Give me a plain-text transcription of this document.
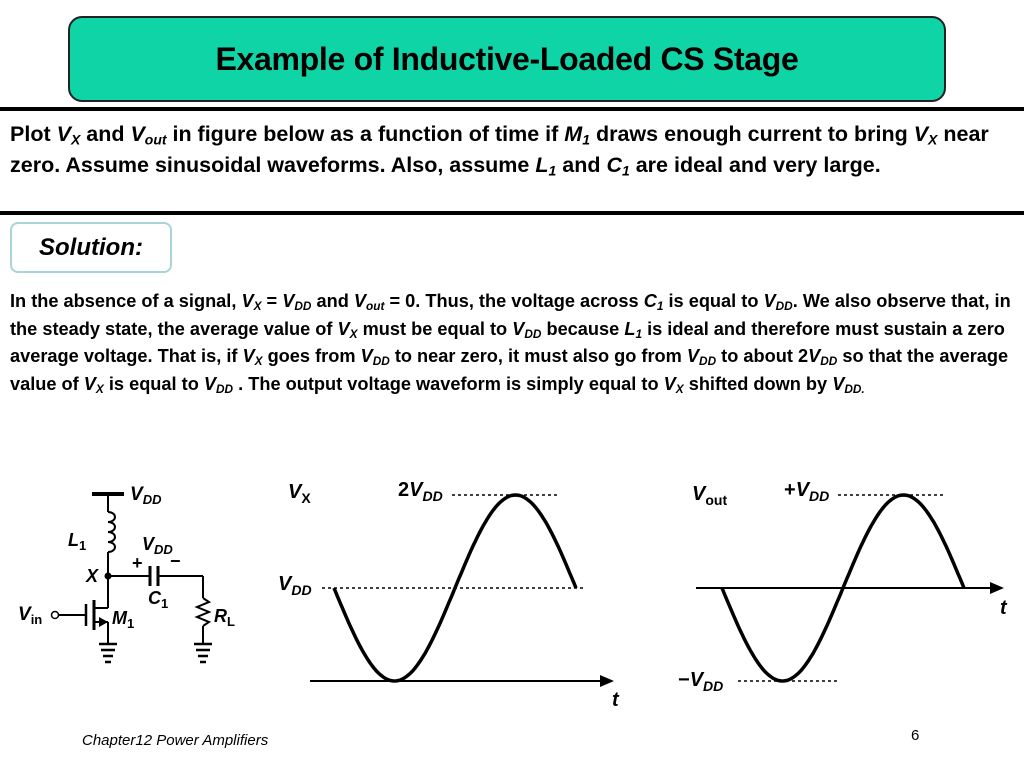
Example of Inductive-Loaded CS Stage
Plot $V_X$ and $V_{out}$ in figure below as a function of time if $M_1$ draws enough current to bring $V_X$ near zero. Assume sinusoidal waveforms. Also, assume $L_1$ and $C_1$ are ideal and very large.
Solution:
In the absence of a signal, $V_X = V_{DD}$ and $V_{out} = 0$. Thus, the voltage across $C_1$ is equal to $V_{DD}$. We also observe that, in the steady state, the average value of $V_X$ must be equal to $V_{DD}$ because $L_1$ is ideal and therefore must sustain a zero average voltage. That is, if $V_X$ goes from $V_{DD}$ to near zero, it must also go from $V_{DD}$ to about $2V_{DD}$ so that the average value of $V_X$ is equal to $V_{DD}$ . The output voltage waveform is simply equal to $V_X$ shifted down by $V_{DD.}$
$V_{DD}$
$L_1$	$V_{DD}$
+ −
X
$C_1$
$V_{in}$	$M_1$	$R_L$
$V_X$	$2V_{DD}$
$V_{DD}$
t
$V_{out}$	$+V_{DD}$
$-V_{DD}$
t
Chapter12 Power Amplifiers	6
